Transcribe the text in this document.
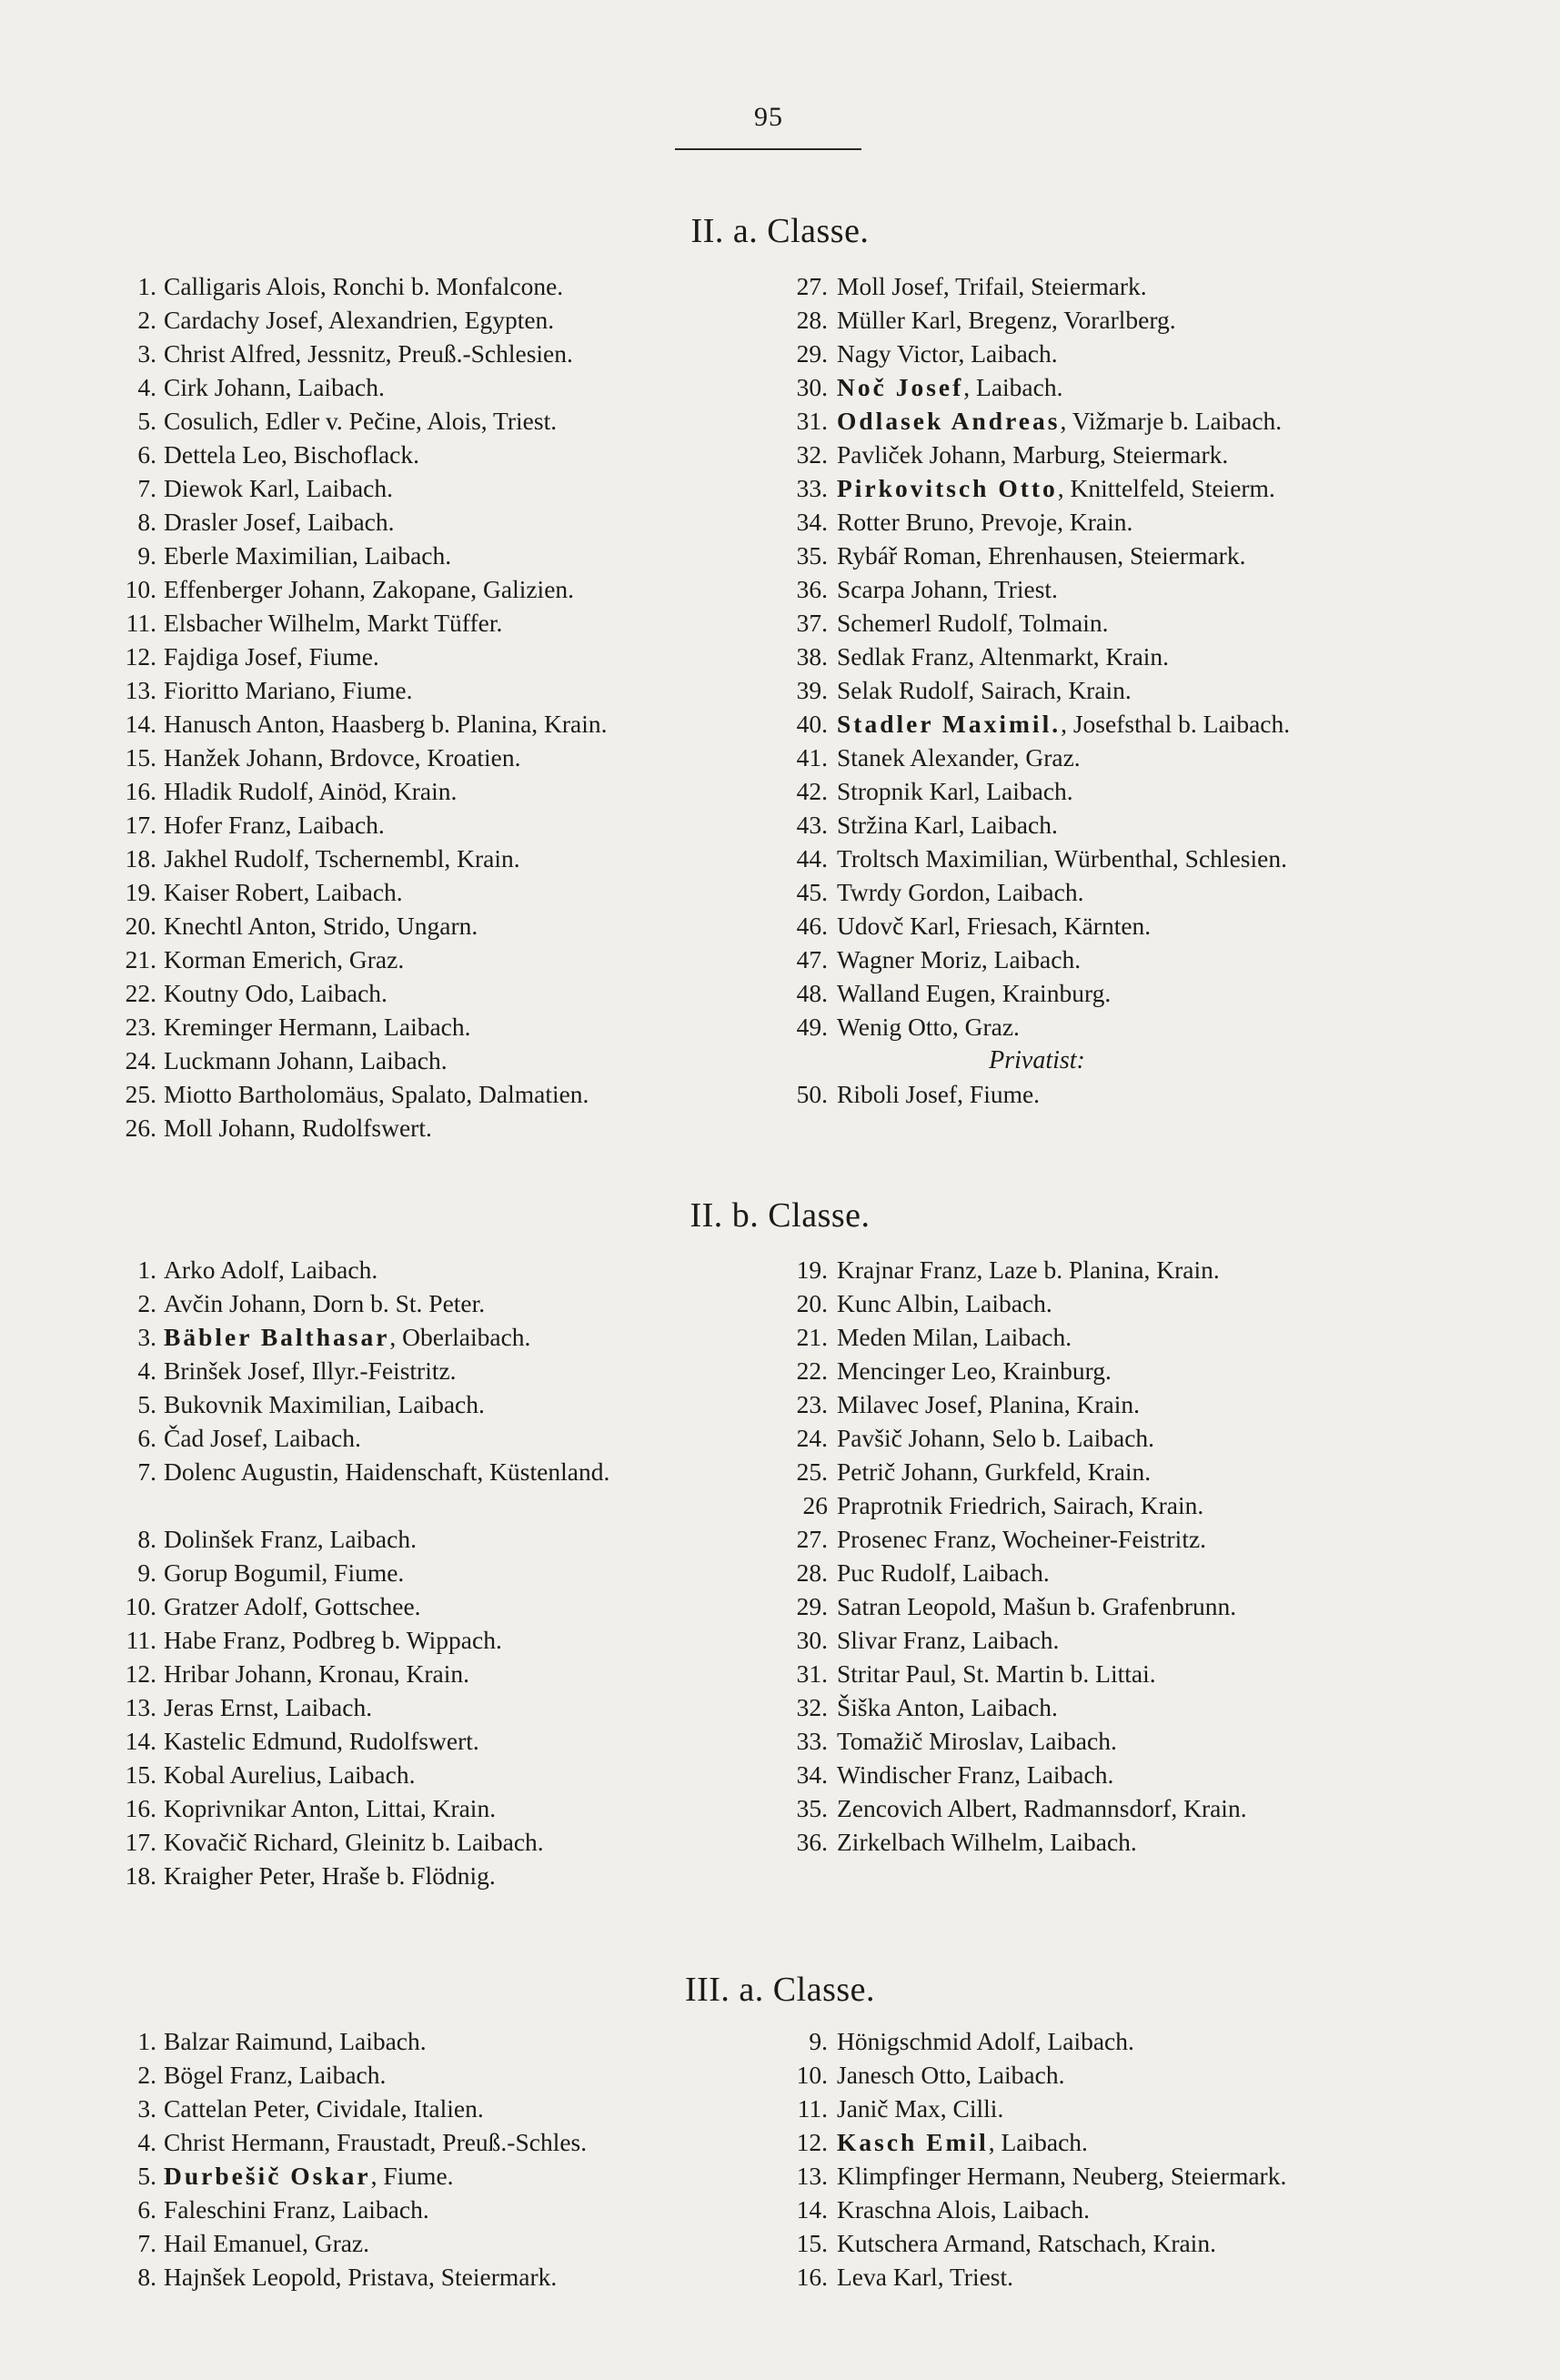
95
II. a. Classe.
1. Calligaris Alois, Ronchi b. Monfalcone.
2. Cardachy Josef, Alexandrien, Egypten.
3. Christ Alfred, Jessnitz, Preuß.-Schlesien.
4. Cirk Johann, Laibach.
5. Cosulich, Edler v. Pečine, Alois, Triest.
6. Dettela Leo, Bischoflack.
7. Diewok Karl, Laibach.
8. Drasler Josef, Laibach.
9. Eberle Maximilian, Laibach.
10. Effenberger Johann, Zakopane, Galizien.
11. Elsbacher Wilhelm, Markt Tüffer.
12. Fajdiga Josef, Fiume.
13. Fioritto Mariano, Fiume.
14. Hanusch Anton, Haasberg b. Planina, Krain.
15. Hanžek Johann, Brdovce, Kroatien.
16. Hladik Rudolf, Ainöd, Krain.
17. Hofer Franz, Laibach.
18. Jakhel Rudolf, Tschernembl, Krain.
19. Kaiser Robert, Laibach.
20. Knechtl Anton, Strido, Ungarn.
21. Korman Emerich, Graz.
22. Koutny Odo, Laibach.
23. Kreminger Hermann, Laibach.
24. Luckmann Johann, Laibach.
25. Miotto Bartholomäus, Spalato, Dalmatien.
26. Moll Johann, Rudolfswert.
27. Moll Josef, Trifail, Steiermark.
28. Müller Karl, Bregenz, Vorarlberg.
29. Nagy Victor, Laibach.
30. Noč Josef, Laibach.
31. Odlasek Andreas, Vižmarje b. Laibach.
32. Pavliček Johann, Marburg, Steiermark.
33. Pirkovitsch Otto, Knittelfeld, Steierm.
34. Rotter Bruno, Prevoje, Krain.
35. Rybář Roman, Ehrenhausen, Steiermark.
36. Scarpa Johann, Triest.
37. Schemerl Rudolf, Tolmain.
38. Sedlak Franz, Altenmarkt, Krain.
39. Selak Rudolf, Sairach, Krain.
40. Stadler Maximil., Josefsthal b. Laibach.
41. Stanek Alexander, Graz.
42. Stropnik Karl, Laibach.
43. Stržina Karl, Laibach.
44. Troltsch Maximilian, Würbenthal, Schlesien.
45. Twrdy Gordon, Laibach.
46. Udovč Karl, Friesach, Kärnten.
47. Wagner Moriz, Laibach.
48. Walland Eugen, Krainburg.
49. Wenig Otto, Graz.
Privatist:
50. Riboli Josef, Fiume.
II. b. Classe.
1. Arko Adolf, Laibach.
2. Avčin Johann, Dorn b. St. Peter.
3. Bäbler Balthasar, Oberlaibach.
4. Brinšek Josef, Illyr.-Feistritz.
5. Bukovnik Maximilian, Laibach.
6. Čad Josef, Laibach.
7. Dolenc Augustin, Haidenschaft, Küstenland.
8. Dolinšek Franz, Laibach.
9. Gorup Bogumil, Fiume.
10. Gratzer Adolf, Gottschee.
11. Habe Franz, Podbreg b. Wippach.
12. Hribar Johann, Kronau, Krain.
13. Jeras Ernst, Laibach.
14. Kastelic Edmund, Rudolfswert.
15. Kobal Aurelius, Laibach.
16. Koprivnikar Anton, Littai, Krain.
17. Kovačič Richard, Gleinitz b. Laibach.
18. Kraigher Peter, Hraše b. Flödnig.
19. Krajnar Franz, Laze b. Planina, Krain.
20. Kunc Albin, Laibach.
21. Meden Milan, Laibach.
22. Mencinger Leo, Krainburg.
23. Milavec Josef, Planina, Krain.
24. Pavšič Johann, Selo b. Laibach.
25. Petrič Johann, Gurkfeld, Krain.
26 Praprotnik Friedrich, Sairach, Krain.
27. Prosenec Franz, Wocheiner-Feistritz.
28. Puc Rudolf, Laibach.
29. Satran Leopold, Mašun b. Grafenbrunn.
30. Slivar Franz, Laibach.
31. Stritar Paul, St. Martin b. Littai.
32. Šiška Anton, Laibach.
33. Tomažič Miroslav, Laibach.
34. Windischer Franz, Laibach.
35. Zencovich Albert, Radmannsdorf, Krain.
36. Zirkelbach Wilhelm, Laibach.
III. a. Classe.
1. Balzar Raimund, Laibach.
2. Bögel Franz, Laibach.
3. Cattelan Peter, Cividale, Italien.
4. Christ Hermann, Fraustadt, Preuß.-Schles.
5. Durbešič Oskar, Fiume.
6. Faleschini Franz, Laibach.
7. Hail Emanuel, Graz.
8. Hajnšek Leopold, Pristava, Steiermark.
9. Hönigschmid Adolf, Laibach.
10. Janesch Otto, Laibach.
11. Janič Max, Cilli.
12. Kasch Emil, Laibach.
13. Klimpfinger Hermann, Neuberg, Steiermark.
14. Kraschna Alois, Laibach.
15. Kutschera Armand, Ratschach, Krain.
16. Leva Karl, Triest.
